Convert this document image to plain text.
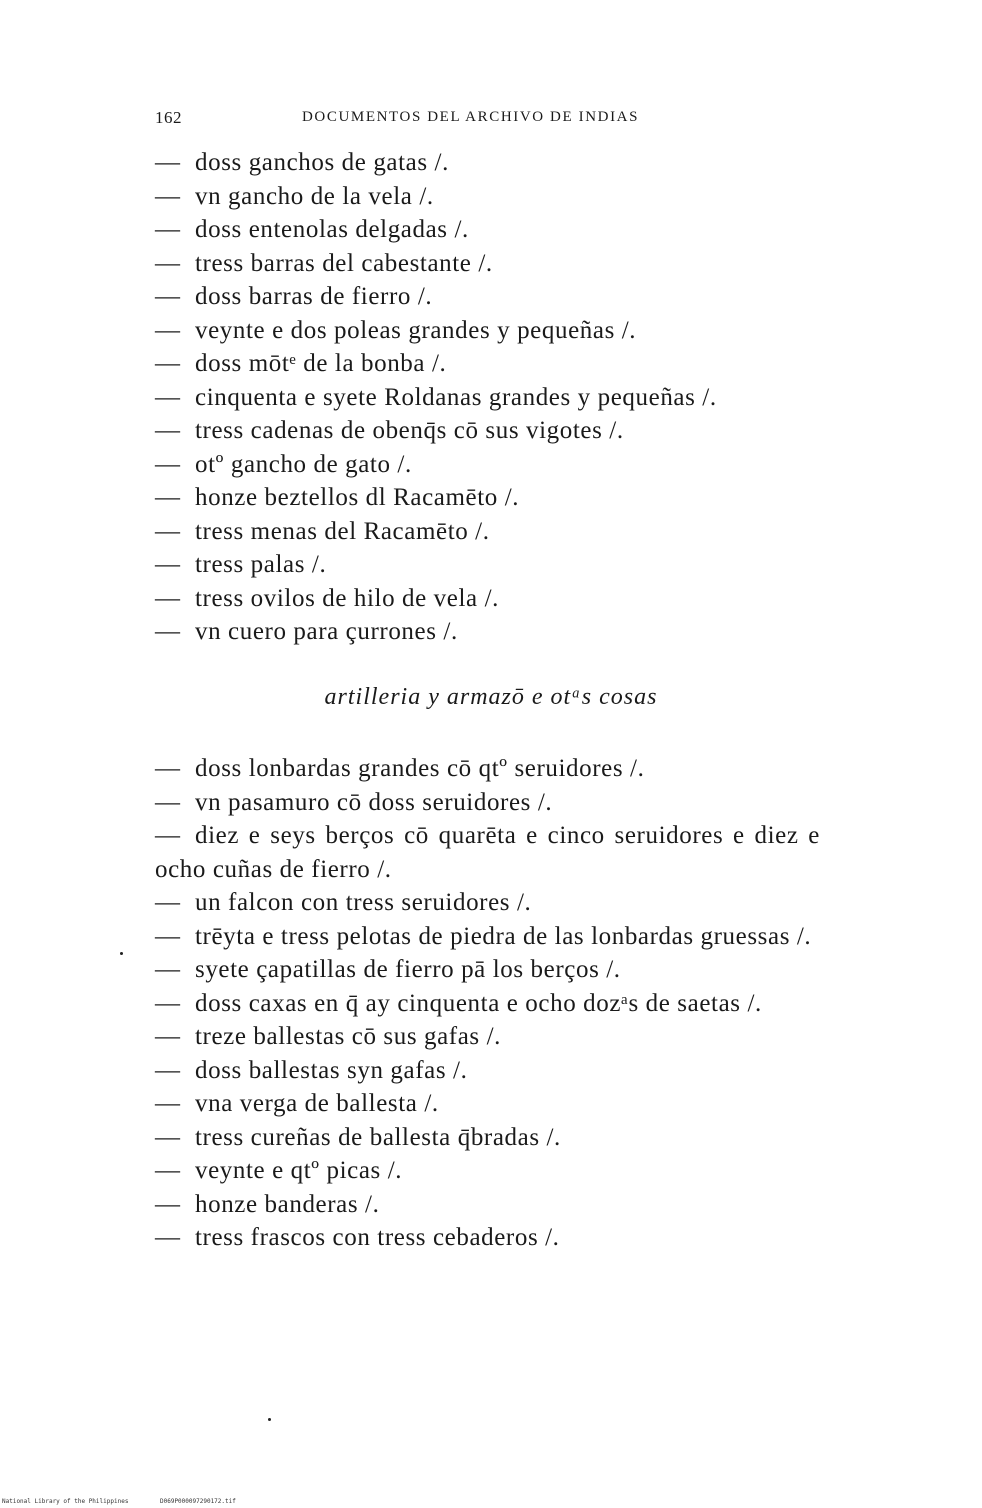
162	DOCUMENTOS DEL ARCHIVO DE INDIAS
— doss ganchos de gatas /.
— vn gancho de la vela /.
— doss entenolas delgadas /.
— tress barras del cabestante /.
— doss barras de fierro /.
— veynte e dos poleas grandes y pequeñas /.
— doss mōtᵉ de la bonba /.
— cinquenta e syete Roldanas grandes y pequeñas /.
— tress cadenas de obenq̄s cō sus vigotes /.
— otº gancho de gato /.
— honze beztellos dl Racamēto /.
— tress menas del Racamēto /.
— tress palas /.
— tress ovilos de hilo de vela /.
— vn cuero para çurrones /.
artilleria y armazō e otᵃs cosas
— doss lonbardas grandes cō qtº seruidores /.
— vn pasamuro cō doss seruidores /.
— diez e seys berços cō quarēta e cinco seruidores e diez e ocho cuñas de fierro /.
— un falcon con tress seruidores /.
— trēyta e tress pelotas de piedra de las lonbardas gruessas /.
— syete çapatillas de fierro pā los berços /.
— doss caxas en q̄ ay cinquenta e ocho dozᵃs de saetas /.
— treze ballestas cō sus gafas /.
— doss ballestas syn gafas /.
— vna verga de ballesta /.
— tress cureñas de ballesta q̄bradas /.
— veynte e qtº picas /.
— honze banderas /.
— tress frascos con tress cebaderos /.
National Library of the Philippines	D069P000097290172.tif
